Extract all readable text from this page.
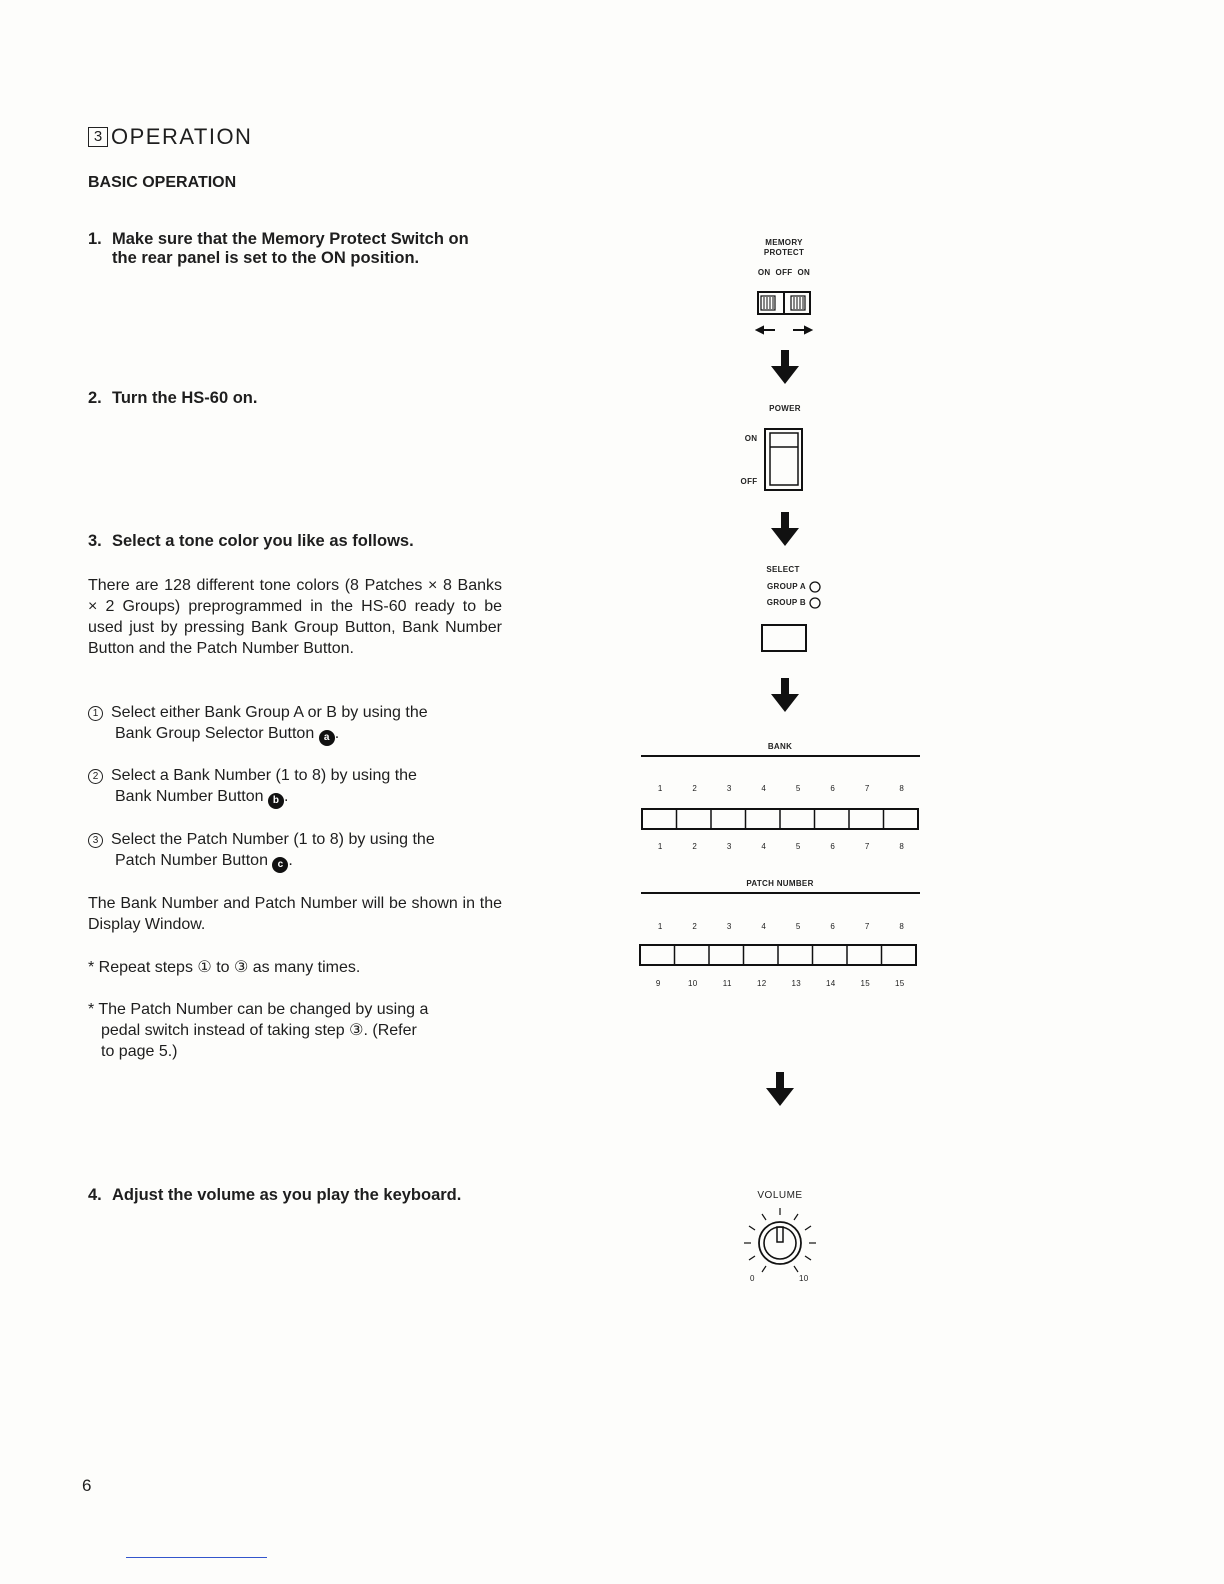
3 OPERATION
BASIC OPERATION
1. Make sure that the Memory Protect Switch on
the rear panel is set to the ON position.
2. Turn the HS-60 on.
3. Select a tone color you like as follows.
There are 128 different tone colors (8 Patches × 8 Banks × 2 Groups) preprogrammed in the HS-60 ready to be used just by pressing Bank Group Button, Bank Number Button and the Patch Number Button.
1 Select either Bank Group A or B by using the
Bank Group Selector Button a .
2 Select a Bank Number (1 to 8) by using the
Bank Number Button b .
3 Select the Patch Number (1 to 8) by using the
Patch Number Button c .
The Bank Number and Patch Number will be shown in the Display Window.
* Repeat steps ① to ③ as many times.
* The Patch Number can be changed by using a
pedal switch instead of taking step ③. (Refer
to page 5.)
4. Adjust the volume as you play the keyboard.
MEMORY
PROTECT
ON  OFF  ON
POWER
ON
OFF
SELECT
GROUP A
GROUP B
BANK
1	2	3	4	5	6	7	8
1	2	3	4	5	6	7	8
PATCH NUMBER
1	2	3	4	5	6	7	8
9	10	11	12	13	14	15	15
VOLUME
0	10
6
